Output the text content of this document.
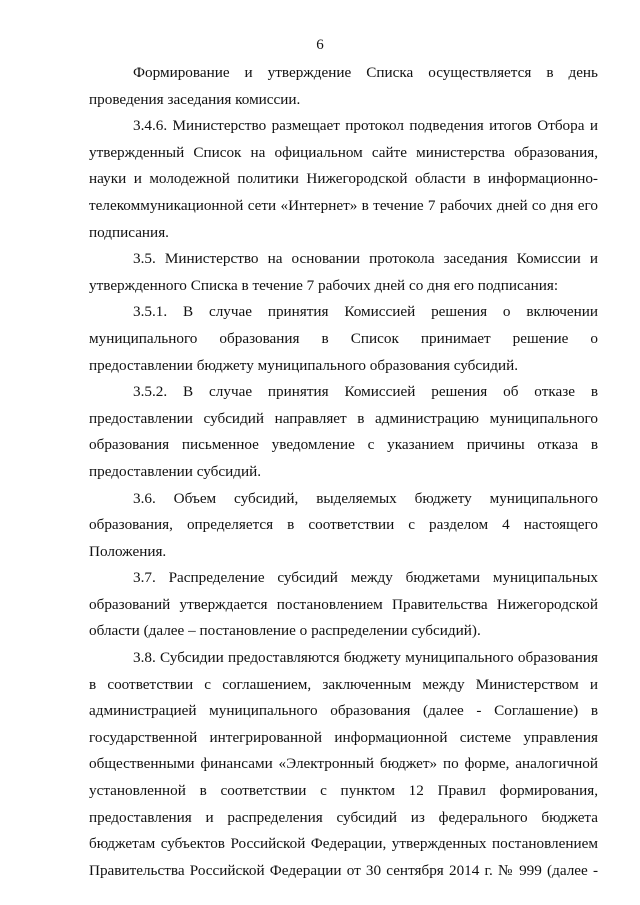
6
Формирование и утверждение Списка осуществляется в день
проведения заседания комиссии.
3.4.6. Министерство размещает протокол подведения итогов Отбора и
утвержденный Список на официальном сайте министерства образования,
науки и молодежной политики Нижегородской области в информационно-
телекоммуникационной сети «Интернет» в течение 7 рабочих дней со дня его
подписания.
3.5. Министерство на основании протокола заседания Комиссии и
утвержденного Списка в течение 7 рабочих дней со дня его подписания:
3.5.1. В случае принятия Комиссией решения о включении
муниципального образования в Список принимает решение о
предоставлении бюджету муниципального образования субсидий.
3.5.2. В случае принятия Комиссией решения об отказе в
предоставлении субсидий направляет в администрацию муниципального
образования письменное уведомление с указанием причины отказа в
предоставлении субсидий.
3.6. Объем субсидий, выделяемых бюджету муниципального
образования, определяется в соответствии с разделом 4 настоящего
Положения.
3.7. Распределение субсидий между бюджетами муниципальных
образований утверждается постановлением Правительства Нижегородской
области (далее – постановление о распределении субсидий).
3.8. Субсидии предоставляются бюджету муниципального образования
в соответствии с соглашением, заключенным между Министерством и
администрацией муниципального образования (далее - Соглашение) в
государственной интегрированной информационной системе управления
общественными финансами «Электронный бюджет» по форме, аналогичной
установленной в соответствии с пунктом 12 Правил формирования,
предоставления и распределения субсидий из федерального бюджета
бюджетам субъектов Российской Федерации, утвержденных постановлением
Правительства Российской Федерации от 30 сентября 2014 г. № 999 (далее -
